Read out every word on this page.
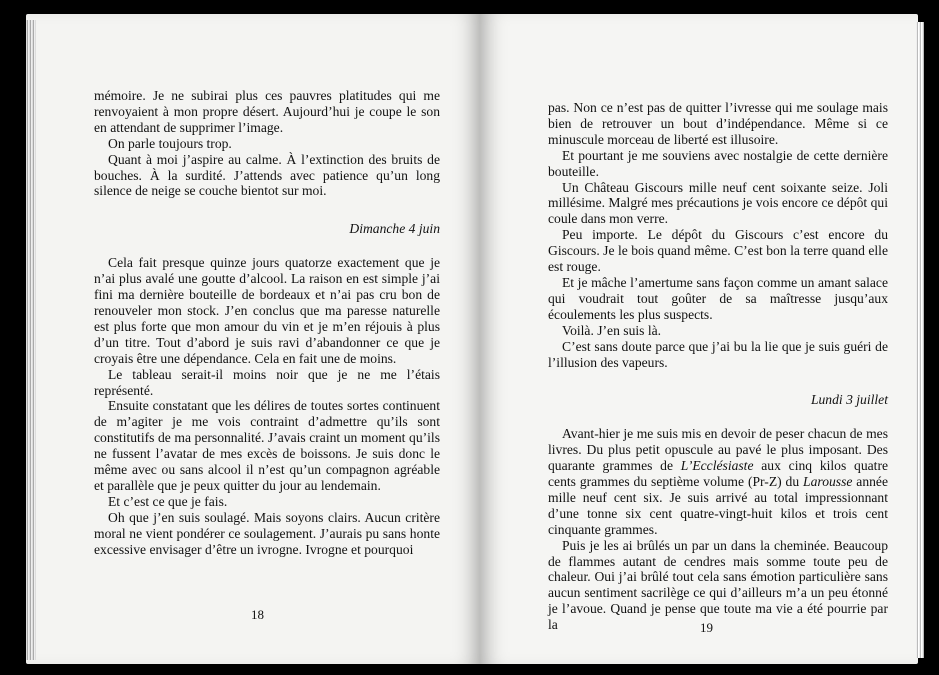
mémoire. Je ne subirai plus ces pauvres platitudes qui me renvoyaient à mon propre désert. Aujourd’hui je coupe le son en attendant de supprimer l’image.

On parle toujours trop.

Quant à moi j’aspire au calme. À l’extinction des bruits de bouches. À la surdité. J’attends avec patience qu’un long silence de neige se couche bientot sur moi.

Dimanche 4 juin

Cela fait presque quinze jours quatorze exactement que je n’ai plus avalé une goutte d’alcool. La raison en est simple j’ai fini ma dernière bouteille de bordeaux et n’ai pas cru bon de renouveler mon stock. J’en conclus que ma paresse naturelle est plus forte que mon amour du vin et je m’en réjouis à plus d’un titre. Tout d’abord je suis ravi d’abandonner ce que je croyais être une dépendance. Cela en fait une de moins.

Le tableau serait-il moins noir que je ne me l’étais représenté.

Ensuite constatant que les délires de toutes sortes continuent de m’agiter je me vois contraint d’admettre qu’ils sont constitutifs de ma personnalité. J’avais craint un moment qu’ils ne fussent l’avatar de mes excès de boissons. Je suis donc le même avec ou sans alcool il n’est qu’un compagnon agréable et parallèle que je peux quitter du jour au lendemain.

Et c’est ce que je fais.

Oh que j’en suis soulagé. Mais soyons clairs. Aucun critère moral ne vient pondérer ce soulagement. J’aurais pu sans honte excessive envisager d’être un ivrogne. Ivrogne et pourquoi

18

pas. Non ce n’est pas de quitter l’ivresse qui me soulage mais bien de retrouver un bout d’indépendance. Même si ce minuscule morceau de liberté est illusoire.

Et pourtant je me souviens avec nostalgie de cette dernière bouteille.

Un Château Giscours mille neuf cent soixante seize. Joli millésime. Malgré mes précautions je vois encore ce dépôt qui coule dans mon verre.

Peu importe. Le dépôt du Giscours c’est encore du Giscours. Je le bois quand même. C’est bon la terre quand elle est rouge.

Et je mâche l’amertume sans façon comme un amant salace qui voudrait tout goûter de sa maîtresse jusqu’aux écoulements les plus suspects.

Voilà. J’en suis là.

C’est sans doute parce que j’ai bu la lie que je suis guéri de l’illusion des vapeurs.

Lundi 3 juillet

Avant-hier je me suis mis en devoir de peser chacun de mes livres. Du plus petit opuscule au pavé le plus imposant. Des quarante grammes de L’Ecclésiaste aux cinq kilos quatre cents grammes du septième volume (Pr-Z) du Larousse année mille neuf cent six. Je suis arrivé au total impressionnant d’une tonne six cent quatre-vingt-huit kilos et trois cent cinquante grammes.

Puis je les ai brûlés un par un dans la cheminée. Beaucoup de flammes autant de cendres mais somme toute peu de chaleur. Oui j’ai brûlé tout cela sans émotion particulière sans aucun sentiment sacrilège ce qui d’ailleurs m’a un peu étonné je l’avoue. Quand je pense que toute ma vie a été pourrie par la	19
